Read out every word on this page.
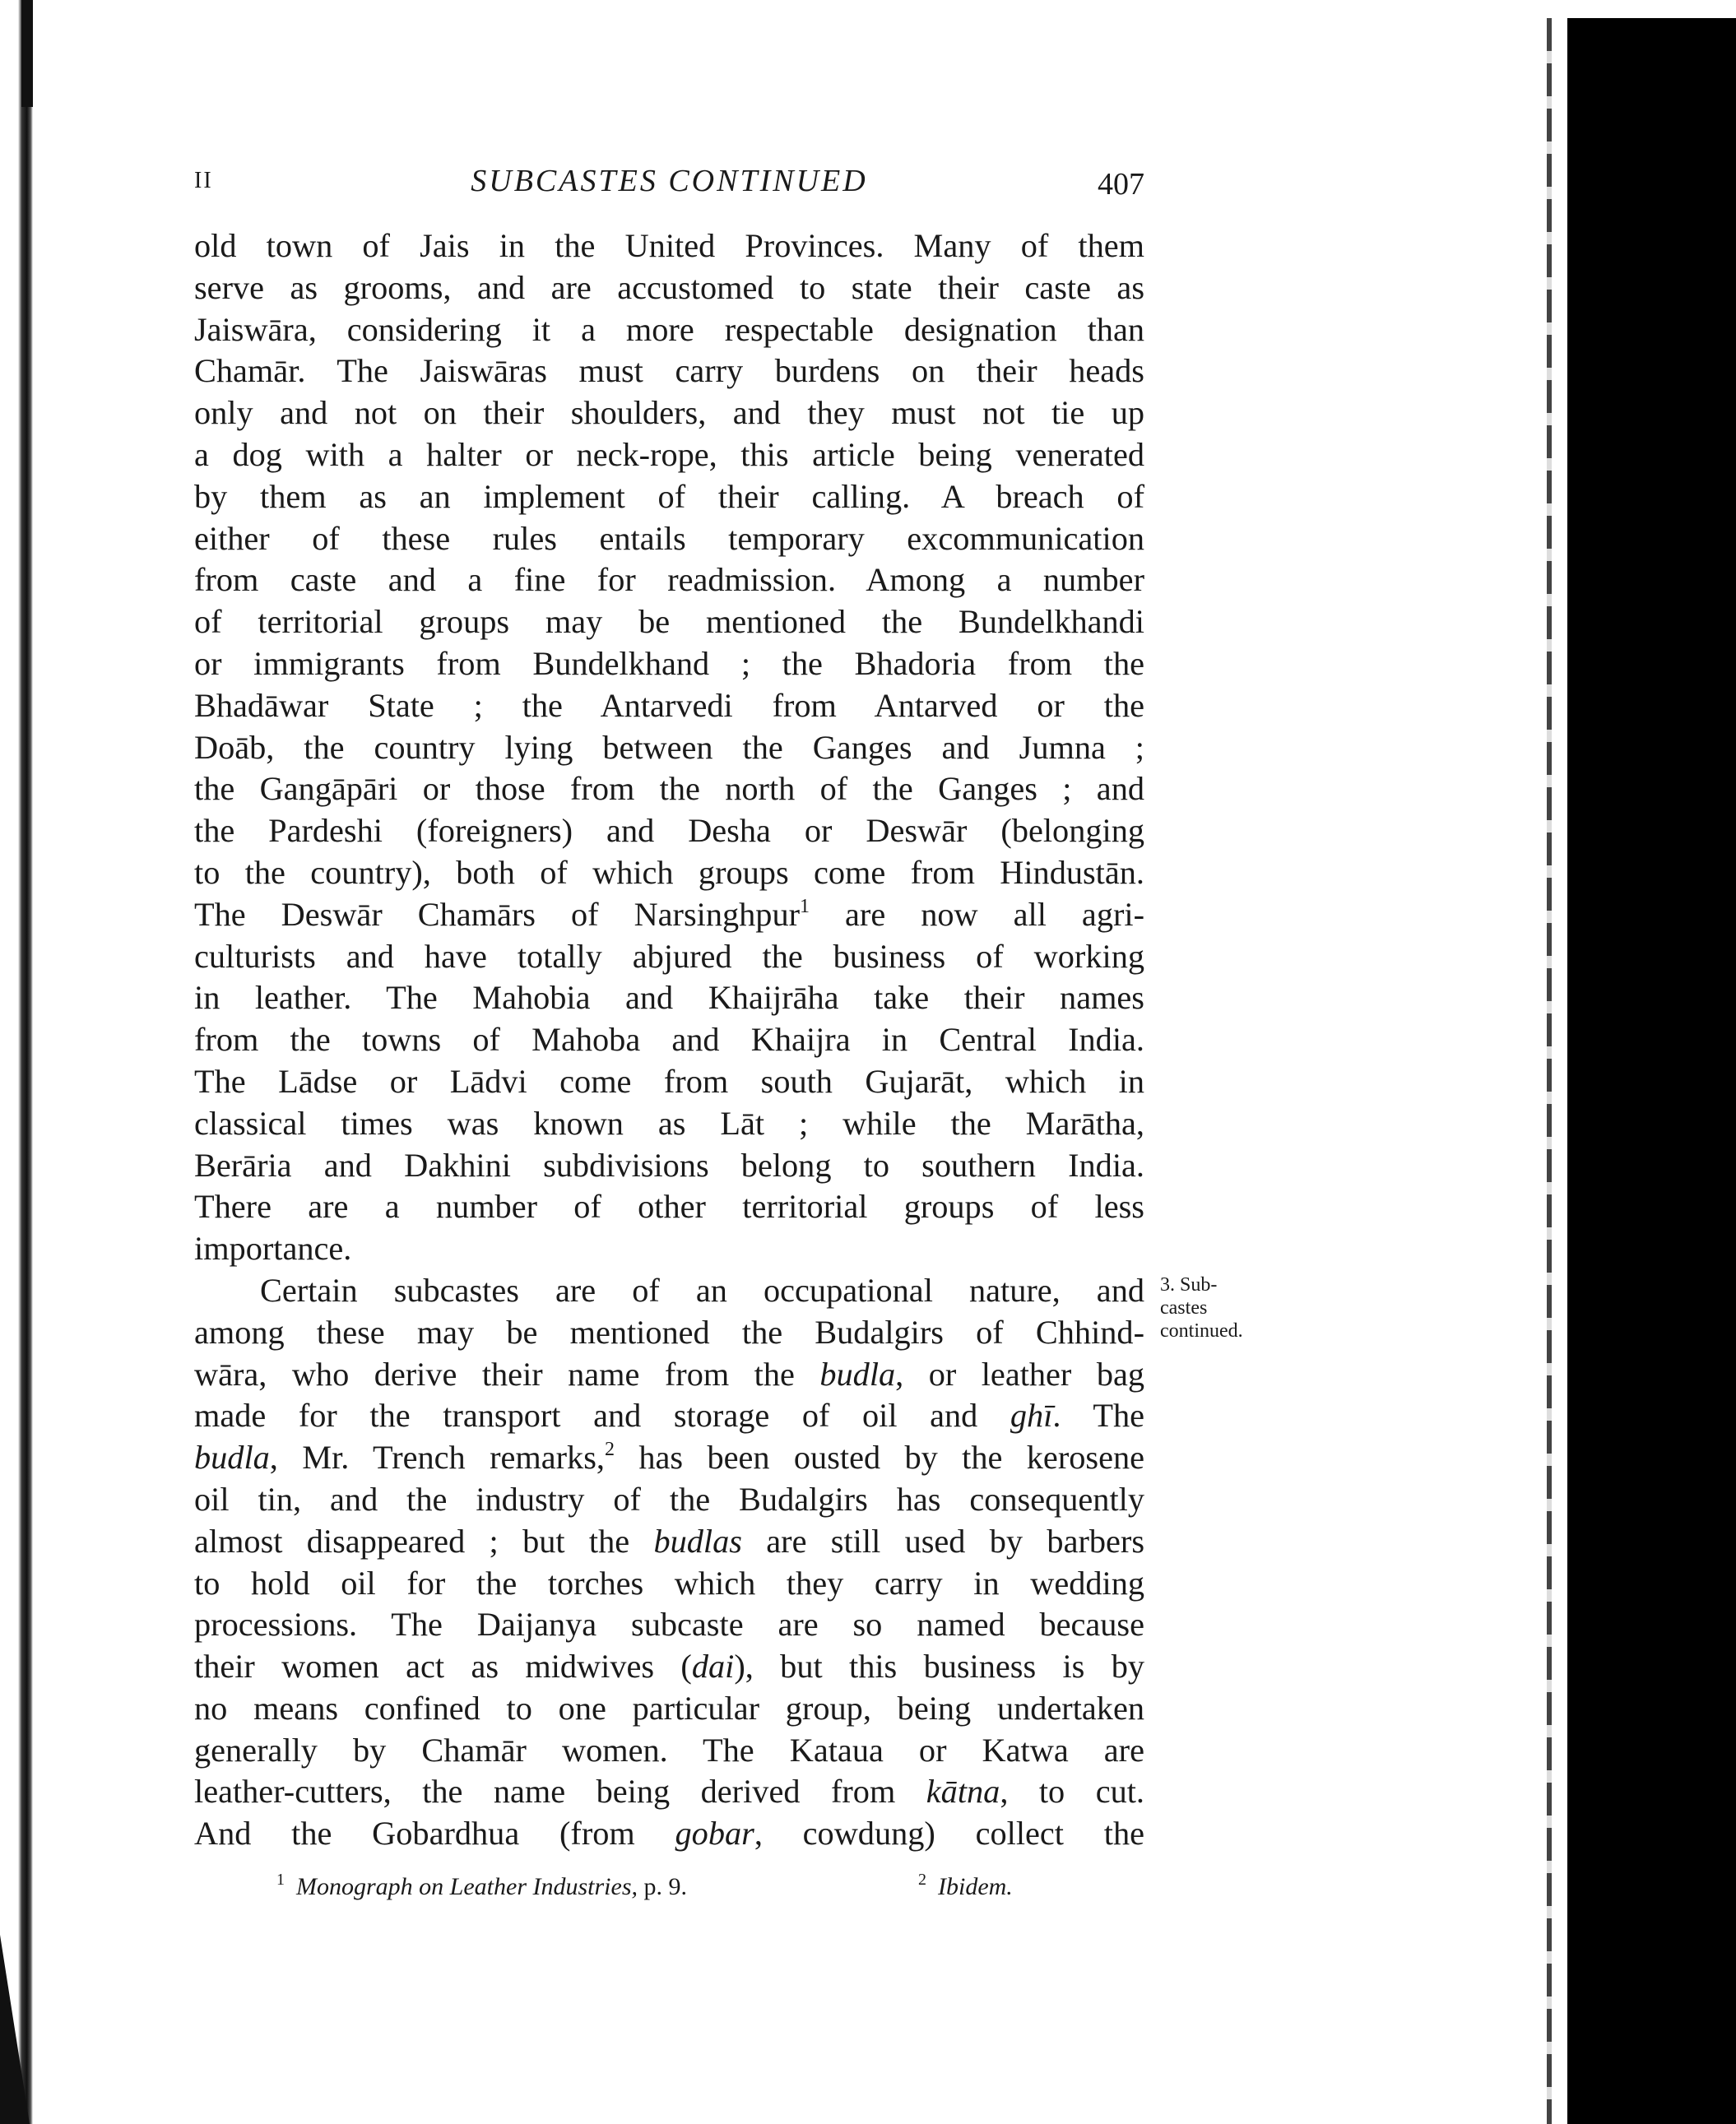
II	SUBCASTES CONTINUED	407
old town of Jais in the United Provinces. Many of them
serve as grooms, and are accustomed to state their caste as
Jaiswāra, considering it a more respectable designation than
Chamār. The Jaiswāras must carry burdens on their heads
only and not on their shoulders, and they must not tie up
a dog with a halter or neck-rope, this article being venerated
by them as an implement of their calling. A breach of
either of these rules entails temporary excommunication
from caste and a fine for readmission. Among a number
of territorial groups may be mentioned the Bundelkhandi
or immigrants from Bundelkhand ; the Bhadoria from the
Bhadāwar State ; the Antarvedi from Antarved or the
Doāb, the country lying between the Ganges and Jumna ;
the Gangāpāri or those from the north of the Ganges ; and
the Pardeshi (foreigners) and Desha or Deswār (belonging
to the country), both of which groups come from Hindustān.
The Deswār Chamārs of Narsinghpur$^1$ are now all agri-
culturists and have totally abjured the business of working
in leather. The Mahobia and Khaijrāha take their names
from the towns of Mahoba and Khaijra in Central India.
The Lādse or Lādvi come from south Gujarāt, which in
classical times was known as Lāt ; while the Marātha,
Berāria and Dakhini subdivisions belong to southern India.
There are a number of other territorial groups of less
importance.
Certain subcastes are of an occupational nature, and
among these may be mentioned the Budalgirs of Chhind-
wāra, who derive their name from the budla, or leather bag
made for the transport and storage of oil and ghī. The
budla, Mr. Trench remarks,$^2$ has been ousted by the kerosene
oil tin, and the industry of the Budalgirs has consequently
almost disappeared ; but the budlas are still used by barbers
to hold oil for the torches which they carry in wedding
processions. The Daijanya subcaste are so named because
their women act as midwives (dai), but this business is by
no means confined to one particular group, being undertaken
generally by Chamār women. The Kataua or Katwa are
leather-cutters, the name being derived from kātna, to cut.
And the Gobardhua (from gobar, cowdung) collect the
3. Sub-
castes
continued.
$^1$ Monograph on Leather Industries, p. 9.	$^2$ Ibidem.
